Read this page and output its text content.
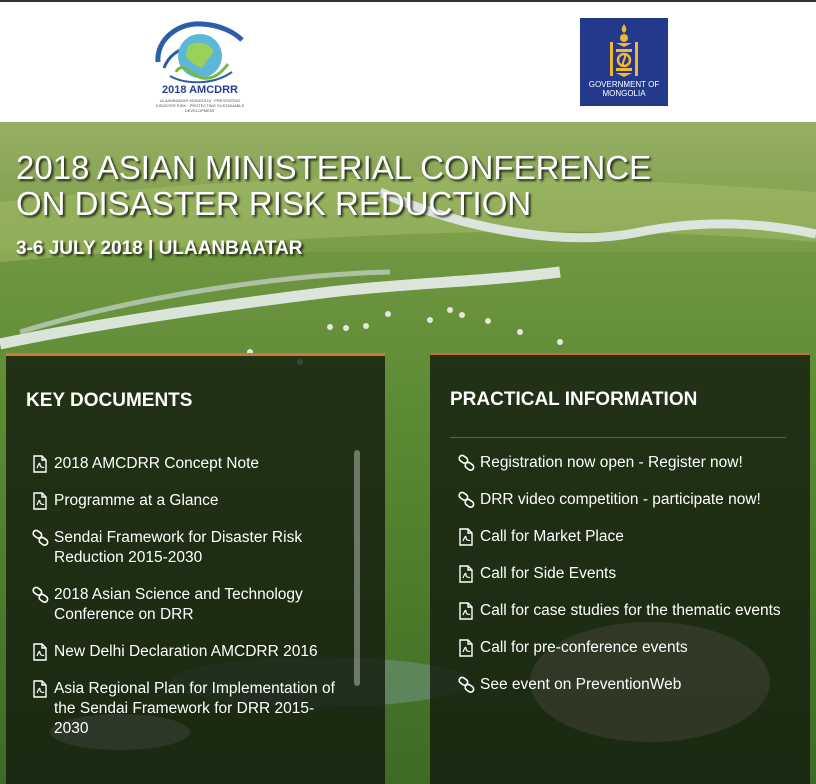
2018 AMCDRR
ULAANBAATAR MONGOLIA · PREVENTING DISASTER RISK · PROTECTING SUSTAINABLE DEVELOPMENT
GOVERNMENT OF MONGOLIA
2018 ASIAN MINISTERIAL CONFERENCE
ON DISASTER RISK REDUCTION
3-6 JULY 2018 | ULAANBAATAR
KEY DOCUMENTS
2018 AMCDRR Concept Note
Programme at a Glance
Sendai Framework for Disaster Risk Reduction 2015-2030
2018 Asian Science and Technology Conference on DRR
New Delhi Declaration AMCDRR 2016
Asia Regional Plan for Implementation of the Sendai Framework for DRR 2015-2030
PRACTICAL INFORMATION
Registration now open - Register now!
DRR video competition - participate now!
Call for Market Place
Call for Side Events
Call for case studies for the thematic events
Call for pre-conference events
See event on PreventionWeb
